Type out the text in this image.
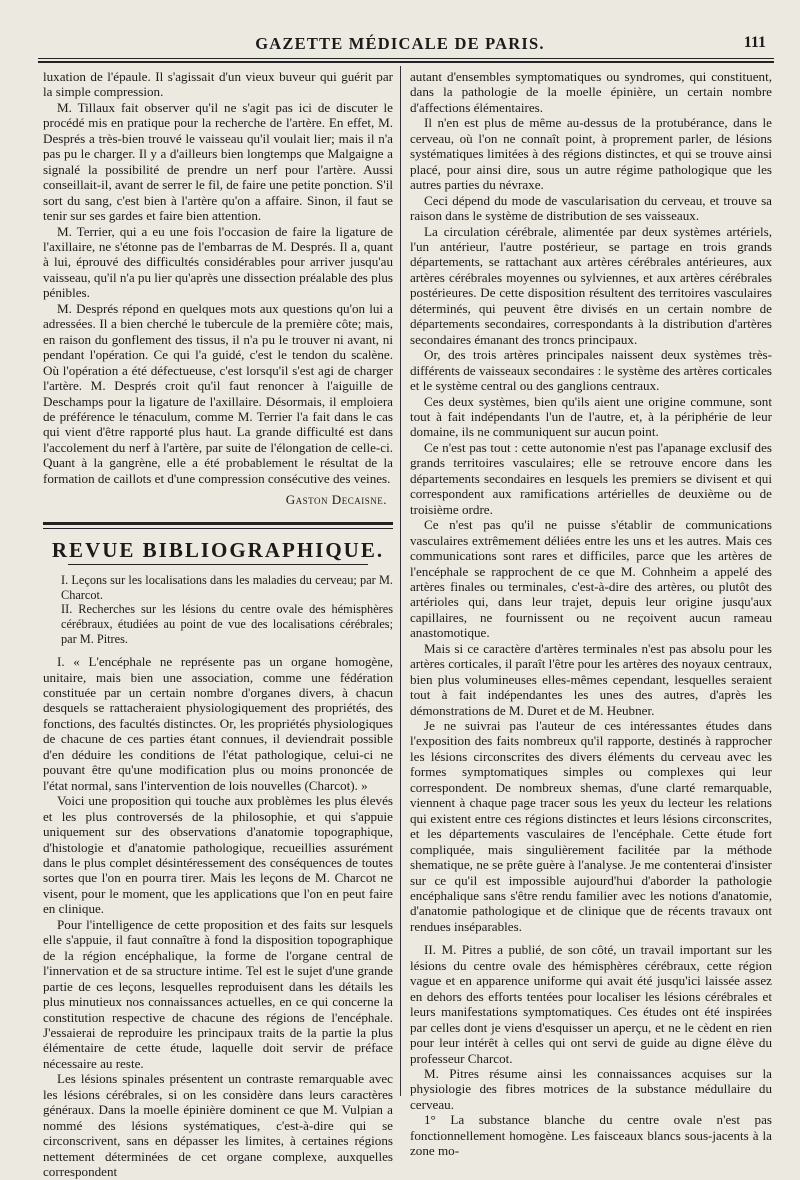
GAZETTE MÉDICALE DE PARIS.	111

luxation de l'épaule. Il s'agissait d'un vieux buveur qui guérit par la simple compression.

M. Tillaux fait observer qu'il ne s'agit pas ici de discuter le procédé mis en pratique pour la recherche de l'artère. En effet, M. Després a très-bien trouvé le vaisseau qu'il voulait lier; mais il n'a pas pu le charger. Il y a d'ailleurs bien longtemps que Malgaigne a signalé la possibilité de prendre un nerf pour l'artère. Aussi conseillait-il, avant de serrer le fil, de faire une petite ponction. S'il sort du sang, c'est bien à l'artère qu'on a affaire. Sinon, il faut se tenir sur ses gardes et faire bien attention.

M. Terrier, qui a eu une fois l'occasion de faire la ligature de l'axillaire, ne s'étonne pas de l'embarras de M. Després. Il a, quant à lui, éprouvé des difficultés considérables pour arriver jusqu'au vaisseau, qu'il n'a pu lier qu'après une dissection préalable des plus pénibles.

M. Després répond en quelques mots aux questions qu'on lui a adressées. Il a bien cherché le tubercule de la première côte; mais, en raison du gonflement des tissus, il n'a pu le trouver ni avant, ni pendant l'opération. Ce qui l'a guidé, c'est le tendon du scalène. Où l'opération a été défectueuse, c'est lorsqu'il s'est agi de charger l'artère. M. Després croit qu'il faut renoncer à l'aiguille de Deschamps pour la ligature de l'axillaire. Désormais, il emploiera de préférence le ténaculum, comme M. Terrier l'a fait dans le cas qui vient d'être rapporté plus haut. La grande difficulté est dans l'accolement du nerf à l'artère, par suite de l'élongation de celle-ci. Quant à la gangrène, elle a été probablement le résultat de la formation de caillots et d'une compression consécutive des veines.

Gaston Decaisne.
REVUE BIBLIOGRAPHIQUE.

I. Leçons sur les localisations dans les maladies du cerveau; par M. Charcot.

II. Recherches sur les lésions du centre ovale des hémisphères cérébraux, étudiées au point de vue des localisations cérébrales; par M. Pitres.

I. « L'encéphale ne représente pas un organe homogène, unitaire, mais bien une association, comme une fédération constituée par un certain nombre d'organes divers, à chacun desquels se rattacheraient physiologiquement des propriétés, des fonctions, des facultés distinctes. Or, les propriétés physiologiques de chacune de ces parties étant connues, il deviendrait possible d'en déduire les conditions de l'état pathologique, celui-ci ne pouvant être qu'une modification plus ou moins prononcée de l'état normal, sans l'intervention de lois nouvelles (Charcot). »

Voici une proposition qui touche aux problèmes les plus élevés et les plus controversés de la philosophie, et qui s'appuie uniquement sur des observations d'anatomie topographique, d'histologie et d'anatomie pathologique, recueillies assurément dans le plus complet désintéressement des conséquences de toutes sortes que l'on en pourra tirer. Mais les leçons de M. Charcot ne visent, pour le moment, que les applications que l'on en peut faire en clinique.

Pour l'intelligence de cette proposition et des faits sur lesquels elle s'appuie, il faut connaître à fond la disposition topographique de la région encéphalique, la forme de l'organe central de l'innervation et de sa structure intime. Tel est le sujet d'une grande partie de ces leçons, lesquelles reproduisent dans les détails les plus minutieux nos connaissances actuelles, en ce qui concerne la constitution respective de chacune des régions de l'encéphale. J'essaierai de reproduire les principaux traits de la partie la plus élémentaire de cette étude, laquelle doit servir de préface nécessaire au reste.

Les lésions spinales présentent un contraste remarquable avec les lésions cérébrales, si on les considère dans leurs caractères généraux. Dans la moelle épinière dominent ce que M. Vulpian a nommé des lésions systématiques, c'est-à-dire qui se circonscrivent, sans en dépasser les limites, à certaines régions nettement déterminées de cet organe complexe, auxquelles correspondent

autant d'ensembles symptomatiques ou syndromes, qui constituent, dans la pathologie de la moelle épinière, un certain nombre d'affections élémentaires.

Il n'en est plus de même au-dessus de la protubérance, dans le cerveau, où l'on ne connaît point, à proprement parler, de lésions systématiques limitées à des régions distinctes, et qui se trouve ainsi placé, pour ainsi dire, sous un autre régime pathologique que les autres parties du névraxe.

Ceci dépend du mode de vascularisation du cerveau, et trouve sa raison dans le système de distribution de ses vaisseaux.

La circulation cérébrale, alimentée par deux systèmes artériels, l'un antérieur, l'autre postérieur, se partage en trois grands départements, se rattachant aux artères cérébrales antérieures, aux artères cérébrales moyennes ou sylviennes, et aux artères cérébrales postérieures. De cette disposition résultent des territoires vasculaires déterminés, qui peuvent être divisés en un certain nombre de départements secondaires, correspondants à la distribution d'artères secondaires émanant des troncs principaux.

Or, des trois artères principales naissent deux systèmes très-différents de vaisseaux secondaires : le système des artères corticales et le système central ou des ganglions centraux.

Ces deux systèmes, bien qu'ils aient une origine commune, sont tout à fait indépendants l'un de l'autre, et, à la périphérie de leur domaine, ils ne communiquent sur aucun point.

Ce n'est pas tout : cette autonomie n'est pas l'apanage exclusif des grands territoires vasculaires; elle se retrouve encore dans les départements secondaires en lesquels les premiers se divisent et qui correspondent aux ramifications artérielles de deuxième ou de troisième ordre.

Ce n'est pas qu'il ne puisse s'établir de communications vasculaires extrêmement déliées entre les uns et les autres. Mais ces communications sont rares et difficiles, parce que les artères de l'encéphale se rapprochent de ce que M. Cohnheim a appelé des artères finales ou terminales, c'est-à-dire des artères, ou plutôt des artérioles qui, dans leur trajet, depuis leur origine jusqu'aux capillaires, ne fournissent ou ne reçoivent aucun rameau anastomotique.

Mais si ce caractère d'artères terminales n'est pas absolu pour les artères corticales, il paraît l'être pour les artères des noyaux centraux, bien plus volumineuses elles-mêmes cependant, lesquelles seraient tout à fait indépendantes les unes des autres, d'après les démonstrations de M. Duret et de M. Heubner.

Je ne suivrai pas l'auteur de ces intéressantes études dans l'exposition des faits nombreux qu'il rapporte, destinés à rapprocher les lésions circonscrites des divers éléments du cerveau avec les formes symptomatiques simples ou complexes qui leur correspondent. De nombreux shemas, d'une clarté remarquable, viennent à chaque page tracer sous les yeux du lecteur les relations qui existent entre ces régions distinctes et leurs lésions circonscrites, et les départements vasculaires de l'encéphale. Cette étude fort compliquée, mais singulièrement facilitée par la méthode shematique, ne se prête guère à l'analyse. Je me contenterai d'insister sur ce qu'il est impossible aujourd'hui d'aborder la pathologie encéphalique sans s'être rendu familier avec les notions d'anatomie, d'anatomie pathologique et de clinique que de récents travaux ont rendues inséparables.

II. M. Pitres a publié, de son côté, un travail important sur les lésions du centre ovale des hémisphères cérébraux, cette région vague et en apparence uniforme qui avait été jusqu'ici laissée assez en dehors des efforts tentées pour localiser les lésions cérébrales et leurs manifestations symptomatiques. Ces études ont été inspirées par celles dont je viens d'esquisser un aperçu, et ne le cèdent en rien pour leur intérêt à celles qui ont servi de guide au digne élève du professeur Charcot.

M. Pitres résume ainsi les connaissances acquises sur la physiologie des fibres motrices de la substance médullaire du cerveau.

1° La substance blanche du centre ovale n'est pas fonctionnellement homogène. Les faisceaux blancs sous-jacents à la zone mo-
